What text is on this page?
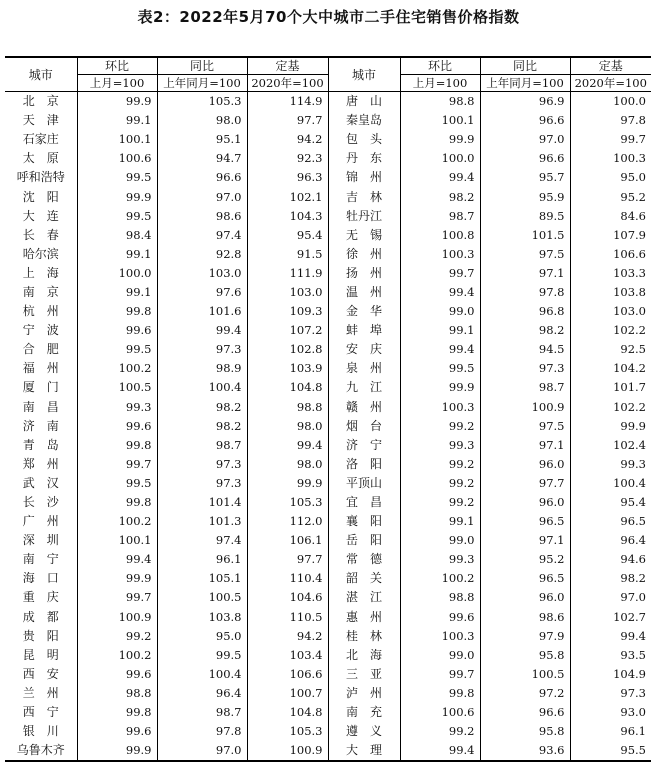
表2：2022年5月70个大中城市二手住宅销售价格指数
城市	环比	同比	定基	城市	环比	同比	定基
	上月=100	上年同月=100	2020年=100		上月=100	上年同月=100	2020年=100
北　京	99.9	105.3	114.9	唐　山	98.8	96.9	100.0
天　津	99.1	98.0	97.7	秦皇岛	100.1	96.6	97.8
石家庄	100.1	95.1	94.2	包　头	99.9	97.0	99.7
太　原	100.6	94.7	92.3	丹　东	100.0	96.6	100.3
呼和浩特	99.5	96.6	96.3	锦　州	99.4	95.7	95.0
沈　阳	99.9	97.0	102.1	吉　林	98.2	95.9	95.2
大　连	99.5	98.6	104.3	牡丹江	98.7	89.5	84.6
长　春	98.4	97.4	95.4	无　锡	100.8	101.5	107.9
哈尔滨	99.1	92.8	91.5	徐　州	100.3	97.5	106.6
上　海	100.0	103.0	111.9	扬　州	99.7	97.1	103.3
南　京	99.1	97.6	103.0	温　州	99.4	97.8	103.8
杭　州	99.8	101.6	109.3	金　华	99.0	96.8	103.0
宁　波	99.6	99.4	107.2	蚌　埠	99.1	98.2	102.2
合　肥	99.5	97.3	102.8	安　庆	99.4	94.5	92.5
福　州	100.2	98.9	103.9	泉　州	99.5	97.3	104.2
厦　门	100.5	100.4	104.8	九　江	99.9	98.7	101.7
南　昌	99.3	98.2	98.8	赣　州	100.3	100.9	102.2
济　南	99.6	98.2	98.0	烟　台	99.2	97.5	99.9
青　岛	99.8	98.7	99.4	济　宁	99.3	97.1	102.4
郑　州	99.7	97.3	98.0	洛　阳	99.2	96.0	99.3
武　汉	99.5	97.3	99.9	平顶山	99.2	97.7	100.4
长　沙	99.8	101.4	105.3	宜　昌	99.2	96.0	95.4
广　州	100.2	101.3	112.0	襄　阳	99.1	96.5	96.5
深　圳	100.1	97.4	106.1	岳　阳	99.0	97.1	96.4
南　宁	99.4	96.1	97.7	常　德	99.3	95.2	94.6
海　口	99.9	105.1	110.4	韶　关	100.2	96.5	98.2
重　庆	99.7	100.5	104.6	湛　江	98.8	96.0	97.0
成　都	100.9	103.8	110.5	惠　州	99.6	98.6	102.7
贵　阳	99.2	95.0	94.2	桂　林	100.3	97.9	99.4
昆　明	100.2	99.5	103.4	北　海	99.0	95.8	93.5
西　安	99.6	100.4	106.6	三　亚	99.7	100.5	104.9
兰　州	98.8	96.4	100.7	泸　州	99.8	97.2	97.3
西　宁	99.8	98.7	104.8	南　充	100.6	96.6	93.0
银　川	99.6	97.8	105.3	遵　义	99.2	95.8	96.1
乌鲁木齐	99.9	97.0	100.9	大　理	99.4	93.6	95.5
